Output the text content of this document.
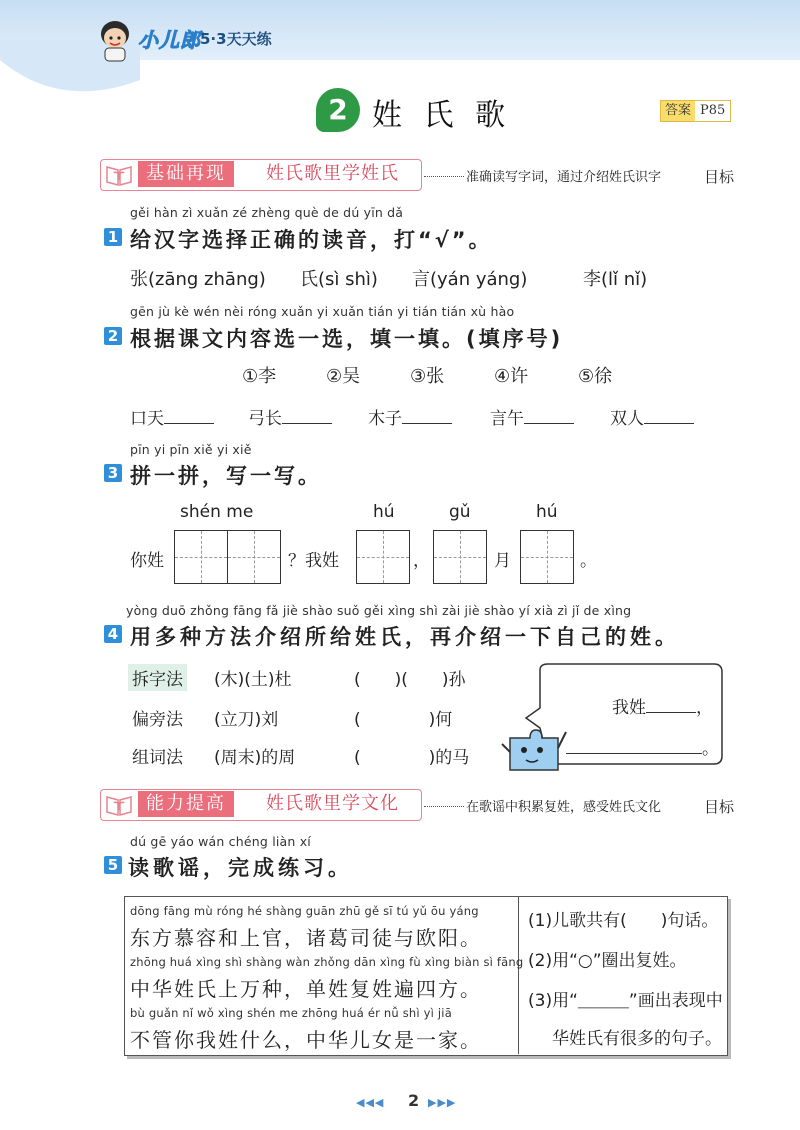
小儿郎 5·3天天练
2 姓 氏 歌	答案 P85
基础再现	姓氏歌里学姓氏	准确读写字词，通过介绍姓氏识字	目标
gěi hàn zì xuǎn zé zhèng què de dú yīn dǎ
1 给汉字选择正确的读音，打“√”。
张(zāng zhāng) 氏(sì shì) 言(yán yáng)	李(lǐ nǐ)
gēn jù kè wén nèi róng xuǎn yi xuǎn tián yi tián tián xù hào
2 根据课文内容选一选，填一填。(填序号)
①李	②吴	③张	④许	⑤徐
口天	弓长	木子	言午	双人
pīn yi pīn xiě yi xiě
3 拼一拼，写一写。
shén me	hú	gǔ	hú
你姓	？我姓	，	月	。
yòng duō zhǒng fāng fǎ jiè shào suǒ gěi xìng shì zài jiè shào yí xià zì jǐ de xìng
4 用多种方法介绍所给姓氏，再介绍一下自己的姓。
拆字法 (木)(土)杜	(　　)(　　)孙
偏旁法 (立刀)刘	(　　　　)何
组词法 (周末)的周	(　　　　)的马
我姓	，
。
能力提高	姓氏歌里学文化	在歌谣中积累复姓，感受姓氏文化	目标
dú gē yáo wán chéng liàn xí
5 读歌谣，完成练习。
dōng fāng mù róng hé shàng guān zhū gě sī tú yǔ ōu yáng
东方慕容和上官，诸葛司徒与欧阳。
zhōng huá xìng shì shàng wàn zhǒng dān xìng fù xìng biàn sì fāng
中华姓氏上万种，单姓复姓遍四方。
bù guǎn nǐ wǒ xìng shén me zhōng huá ér nǚ shì yì jiā
不管你我姓什么，中华儿女是一家。
(1)儿歌共有(　　)句话。
(2)用“○”圈出复姓。
(3)用“＿＿＿”画出表现中
华姓氏有很多的句子。
◀◀◀ 2 ▶▶▶
